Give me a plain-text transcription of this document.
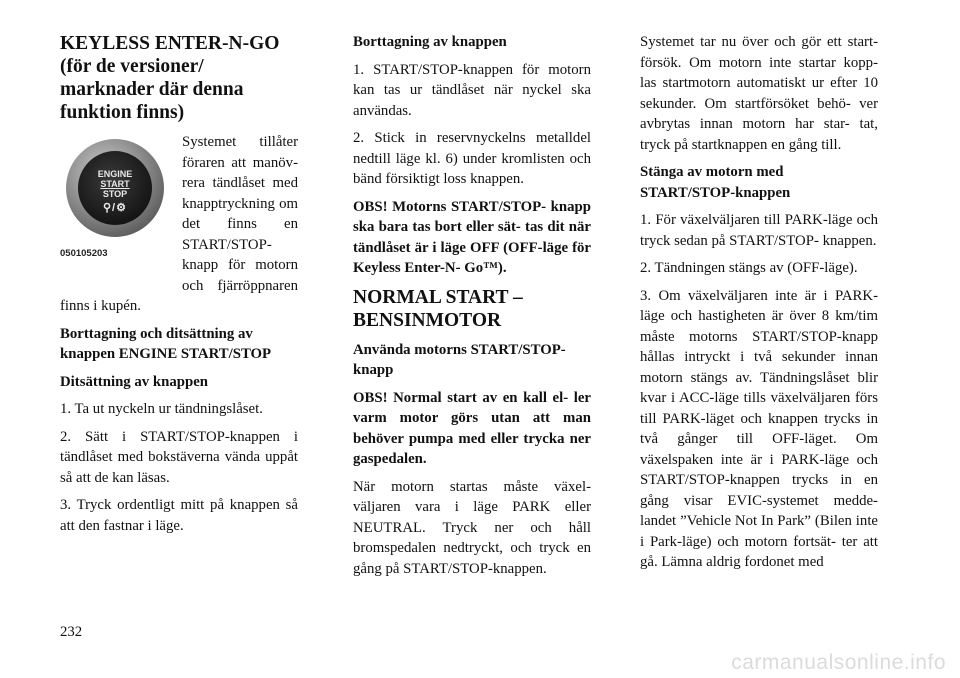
KEYLESS ENTER-N-GO (för de versioner/ marknader där denna funktion finns)
ENGINE
START
STOP
⚲/⚙
050105203

Systemet tillåter föraren att manöv- rera tändlåset med knapptryckning om det finns en START/STOP- knapp för motorn och fjärröppnaren finns i kupén.

Borttagning och ditsättning av knappen ENGINE START/STOP
Ditsättning av knappen

1. Ta ut nyckeln ur tändningslåset.

2. Sätt i START/STOP-knappen i tändlåset med bokstäverna vända uppåt så att de kan läsas.

3. Tryck ordentligt mitt på knappen så att den fastnar i läge.

Borttagning av knappen

1. START/STOP-knappen för motorn kan tas ur tändlåset när nyckel ska användas.

2. Stick in reservnyckelns metalldel nedtill läge kl. 6) under kromlisten och bänd försiktigt loss knappen.

OBS! Motorns START/STOP- knapp ska bara tas bort eller sät- tas dit när tändlåset är i läge OFF (OFF-läge för Keyless Enter-N- Go™).

NORMAL START – BENSINMOTOR
Använda motorns START/STOP- knapp

OBS! Normal start av en kall el- ler varm motor görs utan att man behöver pumpa med eller trycka ner gaspedalen.

När motorn startas måste växel- väljaren vara i läge PARK eller NEUTRAL. Tryck ner och håll bromspedalen nedtryckt, och tryck en gång på START/STOP-knappen.

Systemet tar nu över och gör ett start- försök. Om motorn inte startar kopp- las startmotorn automatiskt ur efter 10 sekunder. Om startförsöket behö- ver avbrytas innan motorn har star- tat, tryck på startknappen en gång till.

Stänga av motorn med START/STOP-knappen

1. För växelväljaren till PARK-läge och tryck sedan på START/STOP- knappen.

2. Tändningen stängs av (OFF-läge).

3. Om växelväljaren inte är i PARK- läge och hastigheten är över 8 km/tim måste motorns START/STOP-knapp hållas intryckt i två sekunder innan motorn stängs av. Tändningslåset blir kvar i ACC-läge tills växelväljaren förs till PARK-läget och knappen trycks in två gånger till OFF-läget. Om växelspaken inte är i PARK-läge och START/STOP-knappen trycks in en gång visar EVIC-systemet medde- landet ”Vehicle Not In Park” (Bilen inte i Park-läge) och motorn fortsät- ter att gå. Lämna aldrig fordonet med

232
carmanualsonline.info
